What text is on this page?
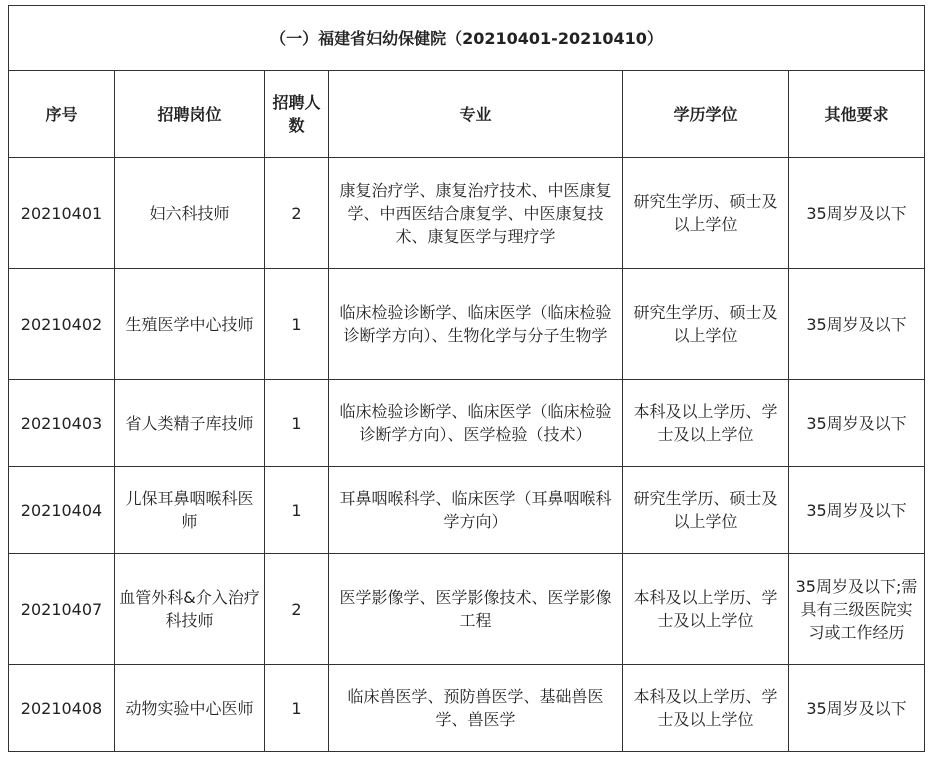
（一）福建省妇幼保健院（20210401-20210410）					
序号	招聘岗位	招聘人数	专业	学历学位	其他要求
20210401	妇六科技师	2	康复治疗学、康复治疗技术、中医康复学、中西医结合康复学、中医康复技术、康复医学与理疗学	研究生学历、硕士及以上学位	35周岁及以下
20210402	生殖医学中心技师	1	临床检验诊断学、临床医学（临床检验诊断学方向）、生物化学与分子生物学	研究生学历、硕士及以上学位	35周岁及以下
20210403	省人类精子库技师	1	临床检验诊断学、临床医学（临床检验诊断学方向）、医学检验（技术）	本科及以上学历、学士及以上学位	35周岁及以下
20210404	儿保耳鼻咽喉科医师	1	耳鼻咽喉科学、临床医学（耳鼻咽喉科学方向）	研究生学历、硕士及以上学位	35周岁及以下
20210407	血管外科&介入治疗科技师	2	医学影像学、医学影像技术、医学影像工程	本科及以上学历、学士及以上学位	35周岁及以下;需具有三级医院实习或工作经历
20210408	动物实验中心医师	1	临床兽医学、预防兽医学、基础兽医学、兽医学	本科及以上学历、学士及以上学位	35周岁及以下
